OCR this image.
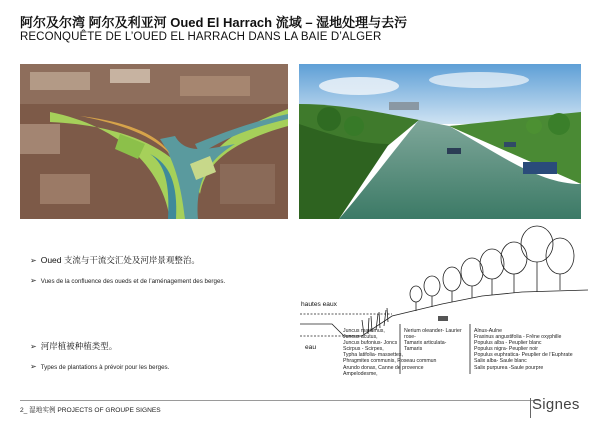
阿尔及尔湾 阿尔及利亚河 Oued El Harrach 流域 – 湿地处理与去污
RECONQUÊTE DE L’OUED EL HARRACH DANS LA BAIE D’ALGER
➢ Oued 支流与干流交汇处及河岸景观整治。
➢ Vues de la confluence des oueds et de l’aménagement des berges.
➢ 河岸植被种植类型。
➢ Types de plantations à prévoir pour les berges.
hautes eaux
eau
Juncus maritimus,
Juncus acutus,
Juncus bufonius- Joncs
Scirpus - Scirpes,
Typha latifolia- massettes,
Phragmites communis, Roseau commun
Arundo donax, Canne de provence
Ampelodesme,
Nerium oleander- Laurier
rose-
Tamarix articulata-
Tamaris
Alnus-Aulne
Fraxinus angustifolia - Frêne oxyphille
Populus alba - Peuplier blanc
Populus nigra- Peuplier noir
Populus euphratica- Peuplier de l’Euphrate
Salix alba- Saule blanc
Salix purpurea -Saule pourpre
2_ 湿地实例 PROJECTS OF GROUPE SIGNES	Signes
